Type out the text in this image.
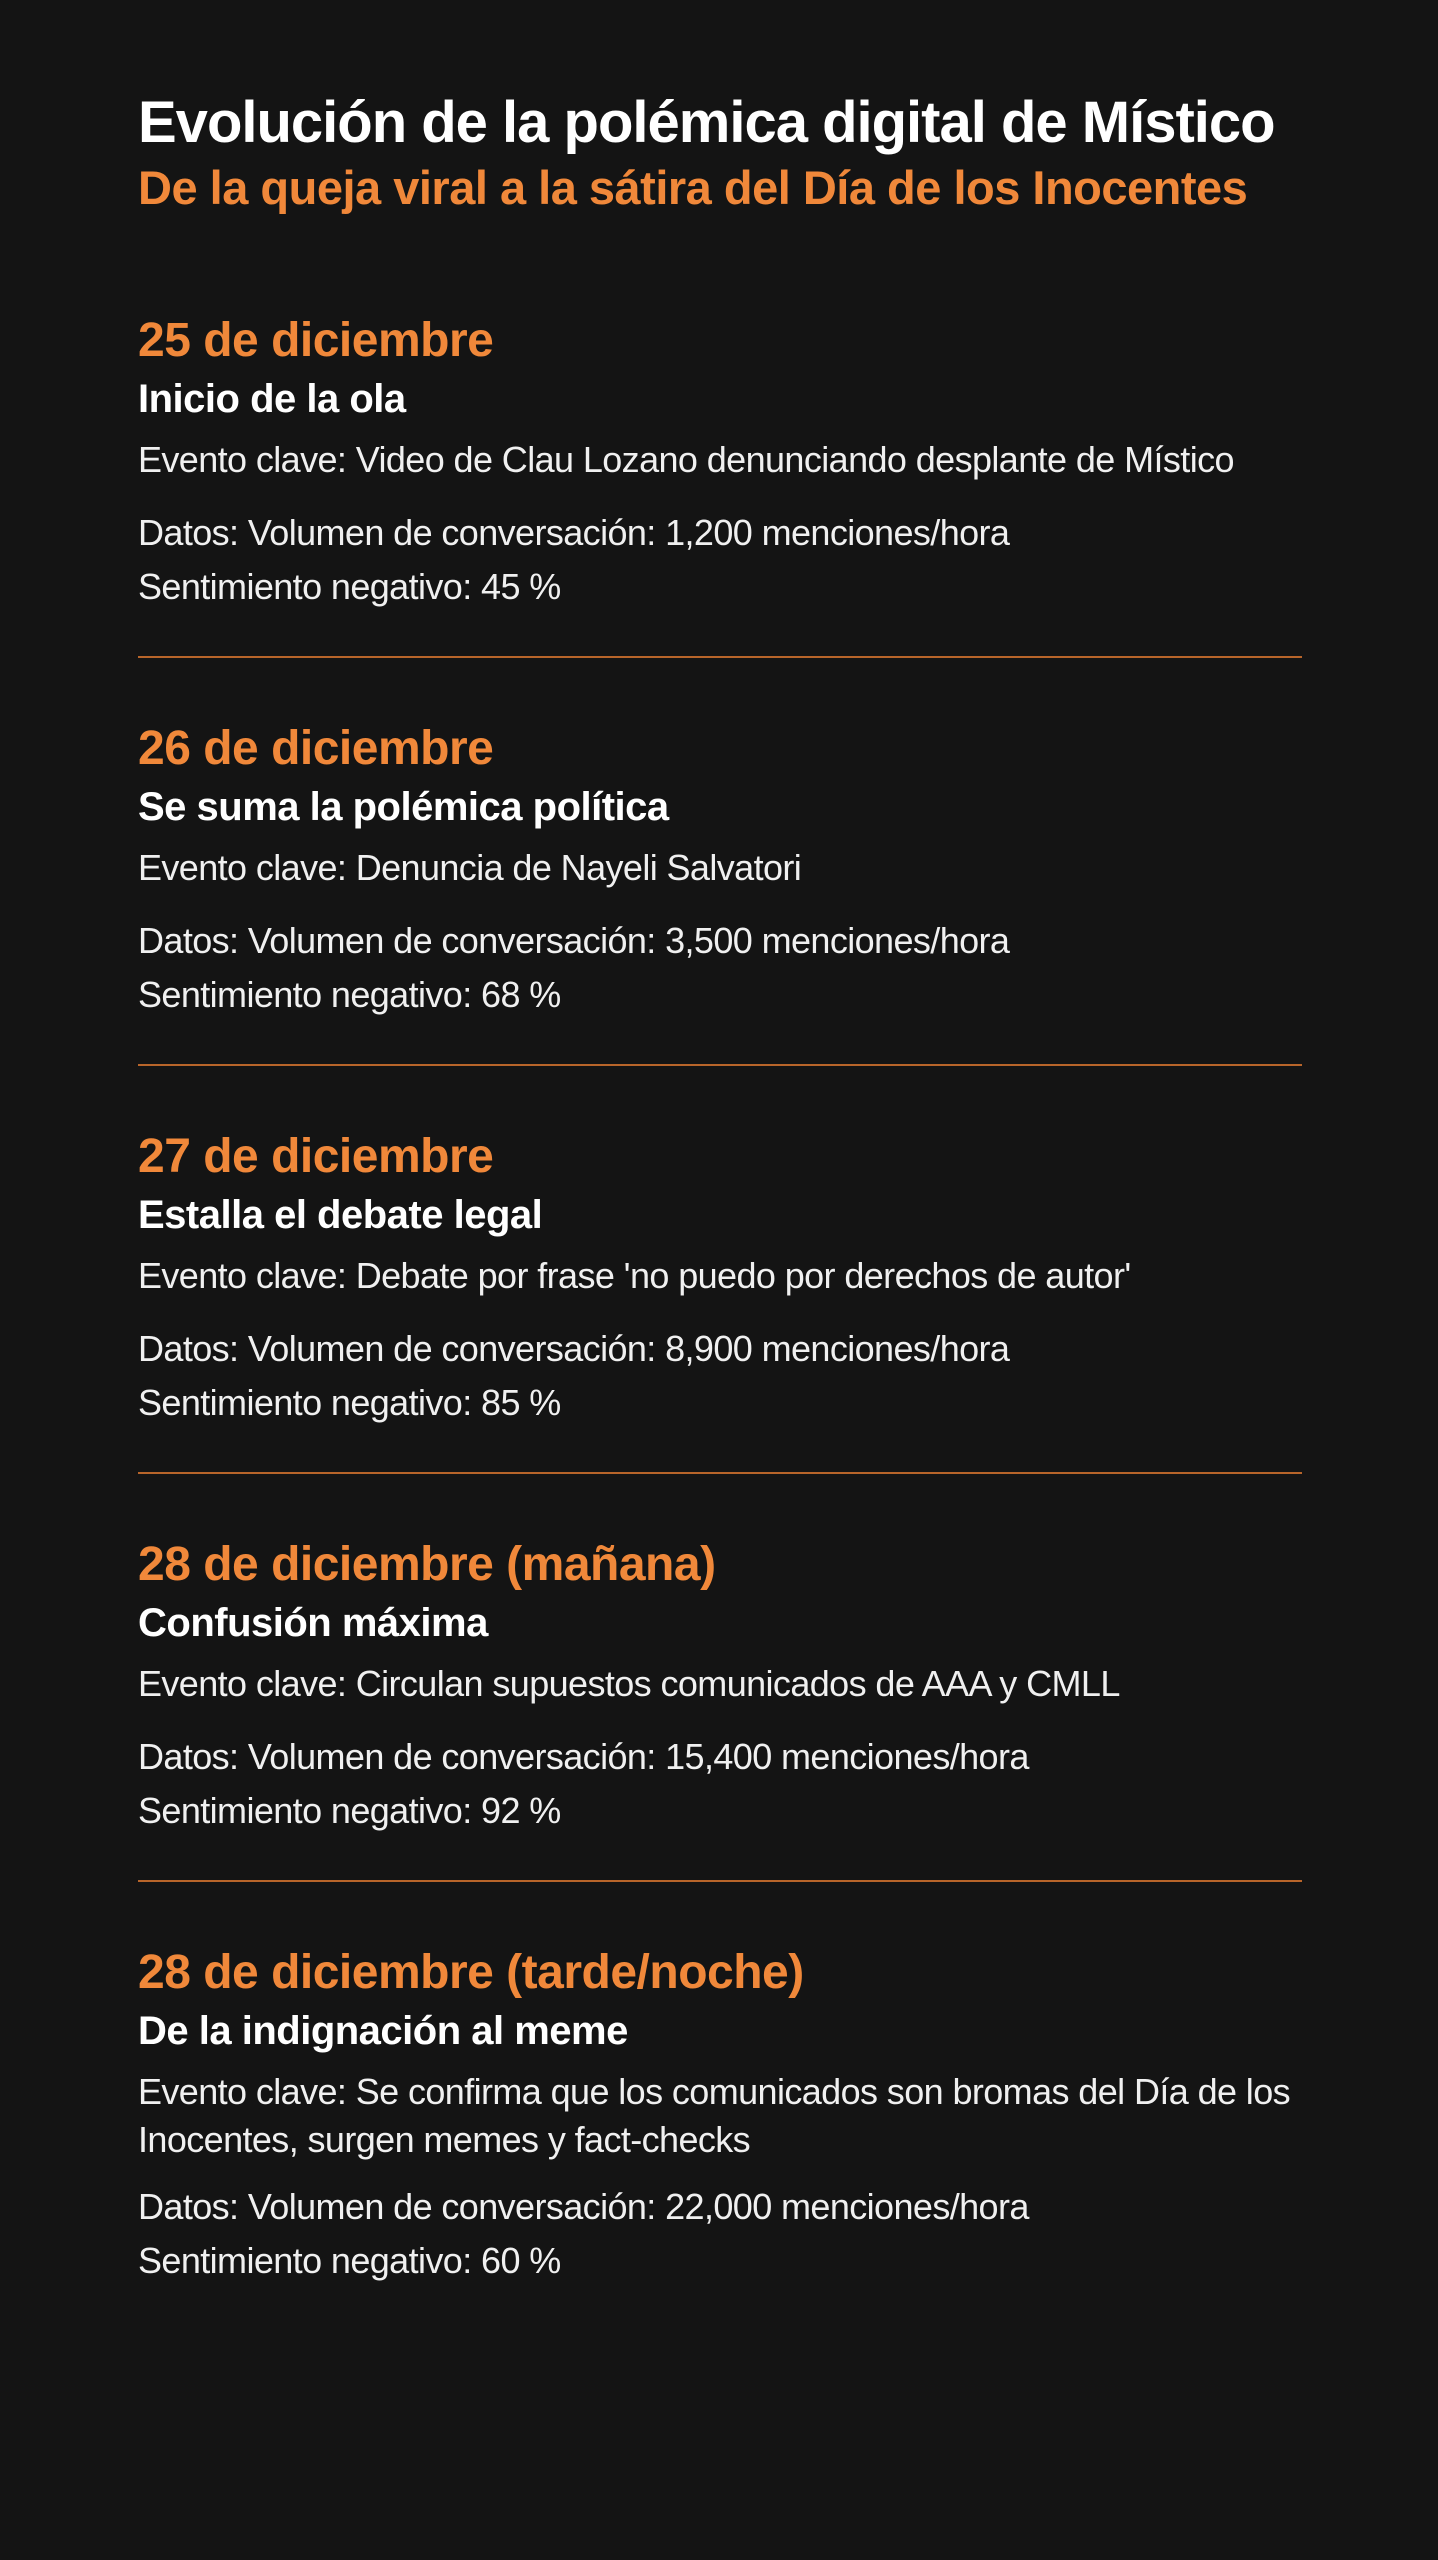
Evolución de la polémica digital de Místico
De la queja viral a la sátira del Día de los Inocentes
25 de diciembre
Inicio de la ola
Evento clave: Video de Clau Lozano denunciando desplante de Místico
Datos: Volumen de conversación: 1,200 menciones/hora
Sentimiento negativo: 45 %
26 de diciembre
Se suma la polémica política
Evento clave: Denuncia de Nayeli Salvatori
Datos: Volumen de conversación: 3,500 menciones/hora
Sentimiento negativo: 68 %
27 de diciembre
Estalla el debate legal
Evento clave: Debate por frase 'no puedo por derechos de autor'
Datos: Volumen de conversación: 8,900 menciones/hora
Sentimiento negativo: 85 %
28 de diciembre (mañana)
Confusión máxima
Evento clave: Circulan supuestos comunicados de AAA y CMLL
Datos: Volumen de conversación: 15,400 menciones/hora
Sentimiento negativo: 92 %
28 de diciembre (tarde/noche)
De la indignación al meme
Evento clave: Se confirma que los comunicados son bromas del Día de los Inocentes, surgen memes y fact-checks
Datos: Volumen de conversación: 22,000 menciones/hora
Sentimiento negativo: 60 %
